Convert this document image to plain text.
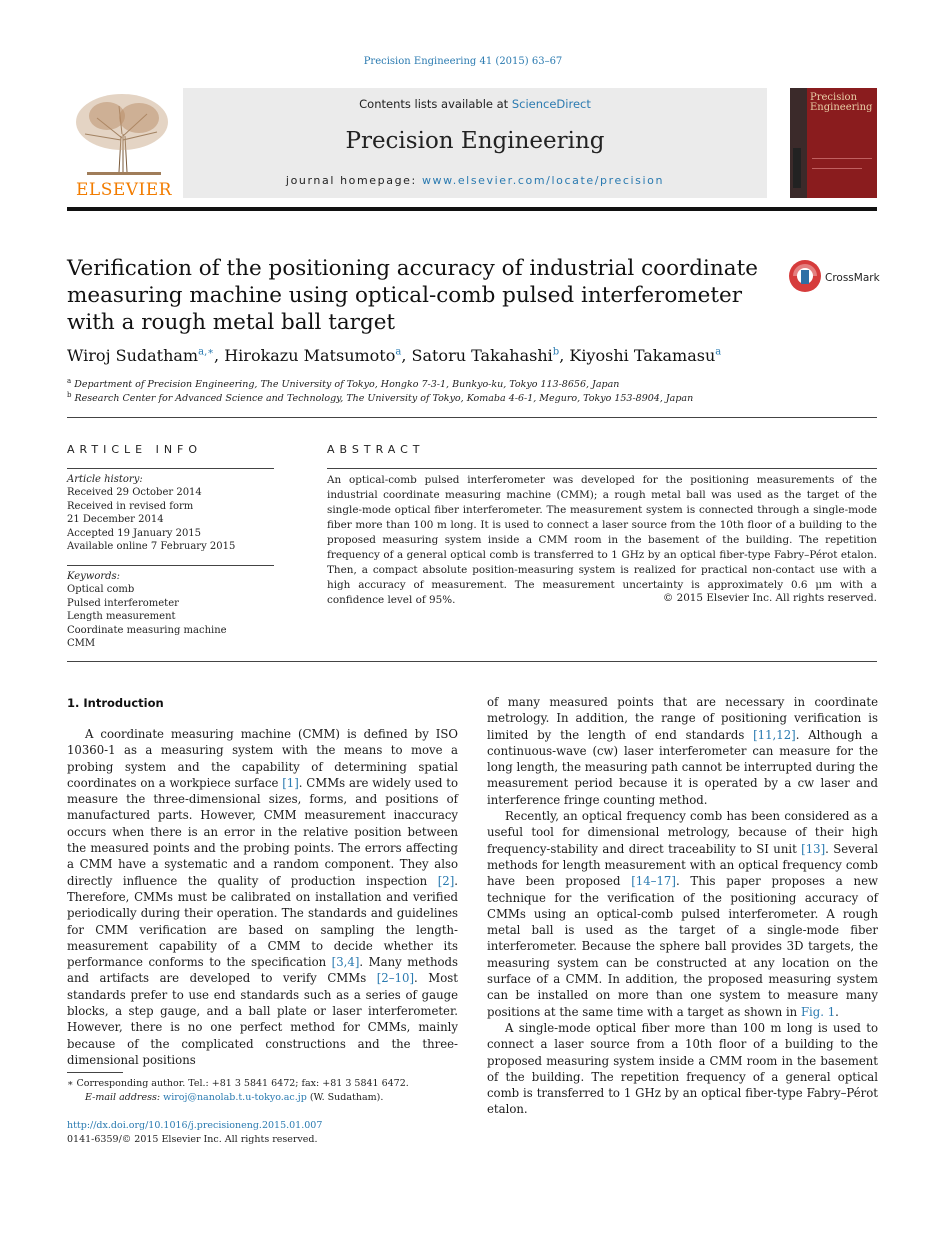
Precision Engineering 41 (2015) 63–67
ELSEVIER
Contents lists available at ScienceDirect
Precision Engineering
journal homepage: www.elsevier.com/locate/precision
Precision Engineering
Verification of the positioning accuracy of industrial coordinate measuring machine using optical-comb pulsed interferometer with a rough metal ball target
CrossMark
Wiroj Sudatham$^{a,∗}$, Hirokazu Matsumoto$^a$, Satoru Takahashi$^b$, Kiyoshi Takamasu$^a$
$^a$ Department of Precision Engineering, The University of Tokyo, Hongko 7-3-1, Bunkyo-ku, Tokyo 113-8656, Japan
$^b$ Research Center for Advanced Science and Technology, The University of Tokyo, Komaba 4-6-1, Meguro, Tokyo 153-8904, Japan
ARTICLE INFO	ABSTRACT
Article history:
Received 29 October 2014
Received in revised form
21 December 2014
Accepted 19 January 2015
Available online 7 February 2015
Keywords:
Optical comb
Pulsed interferometer
Length measurement
Coordinate measuring machine
CMM
An optical-comb pulsed interferometer was developed for the positioning measurements of the industrial coordinate measuring machine (CMM); a rough metal ball was used as the target of the single-mode optical fiber interferometer. The measurement system is connected through a single-mode fiber more than 100 m long. It is used to connect a laser source from the 10th floor of a building to the proposed measuring system inside a CMM room in the basement of the building. The repetition frequency of a general optical comb is transferred to 1 GHz by an optical fiber-type Fabry–Pérot etalon. Then, a compact absolute position-measuring system is realized for practical non-contact use with a high accuracy of measurement. The measurement uncertainty is approximately 0.6 μm with a confidence level of 95%.	© 2015 Elsevier Inc. All rights reserved.
1. Introduction

A coordinate measuring machine (CMM) is defined by ISO 10360-1 as a measuring system with the means to move a probing system and the capability of determining spatial coordinates on a workpiece surface [1]. CMMs are widely used to measure the three-dimensional sizes, forms, and positions of manufactured parts. However, CMM measurement inaccuracy occurs when there is an error in the relative position between the measured points and the probing points. The errors affecting a CMM have a systematic and a random component. They also directly influence the quality of production inspection [2]. Therefore, CMMs must be calibrated on installation and verified periodically during their operation. The standards and guidelines for CMM verification are based on sampling the length-measurement capability of a CMM to decide whether its performance conforms to the specification [3,4]. Many methods and artifacts are developed to verify CMMs [2–10]. Most standards prefer to use end standards such as a series of gauge blocks, a step gauge, and a ball plate or laser interferometer. However, there is no one perfect method for CMMs, mainly because of the complicated constructions and the three-dimensional positions

of many measured points that are necessary in coordinate metrology. In addition, the range of positioning verification is limited by the length of end standards [11,12]. Although a continuous-wave (cw) laser interferometer can measure for the long length, the measuring path cannot be interrupted during the measurement period because it is operated by a cw laser and interference fringe counting method.

Recently, an optical frequency comb has been considered as a useful tool for dimensional metrology, because of their high frequency-stability and direct traceability to SI unit [13]. Several methods for length measurement with an optical frequency comb have been proposed [14–17]. This paper proposes a new technique for the verification of the positioning accuracy of CMMs using an optical-comb pulsed interferometer. A rough metal ball is used as the target of a single-mode fiber interferometer. Because the sphere ball provides 3D targets, the measuring system can be constructed at any location on the surface of a CMM. In addition, the proposed measuring system can be installed on more than one system to measure many positions at the same time with a target as shown in Fig. 1.

A single-mode optical fiber more than 100 m long is used to connect a laser source from a 10th floor of a building to the proposed measuring system inside a CMM room in the basement of the building. The repetition frequency of a general optical comb is transferred to 1 GHz by an optical fiber-type Fabry–Pérot etalon.

∗ Corresponding author. Tel.: +81 3 5841 6472; fax: +81 3 5841 6472.
E-mail address: wiroj@nanolab.t.u-tokyo.ac.jp (W. Sudatham).
http://dx.doi.org/10.1016/j.precisioneng.2015.01.007
0141-6359/© 2015 Elsevier Inc. All rights reserved.
